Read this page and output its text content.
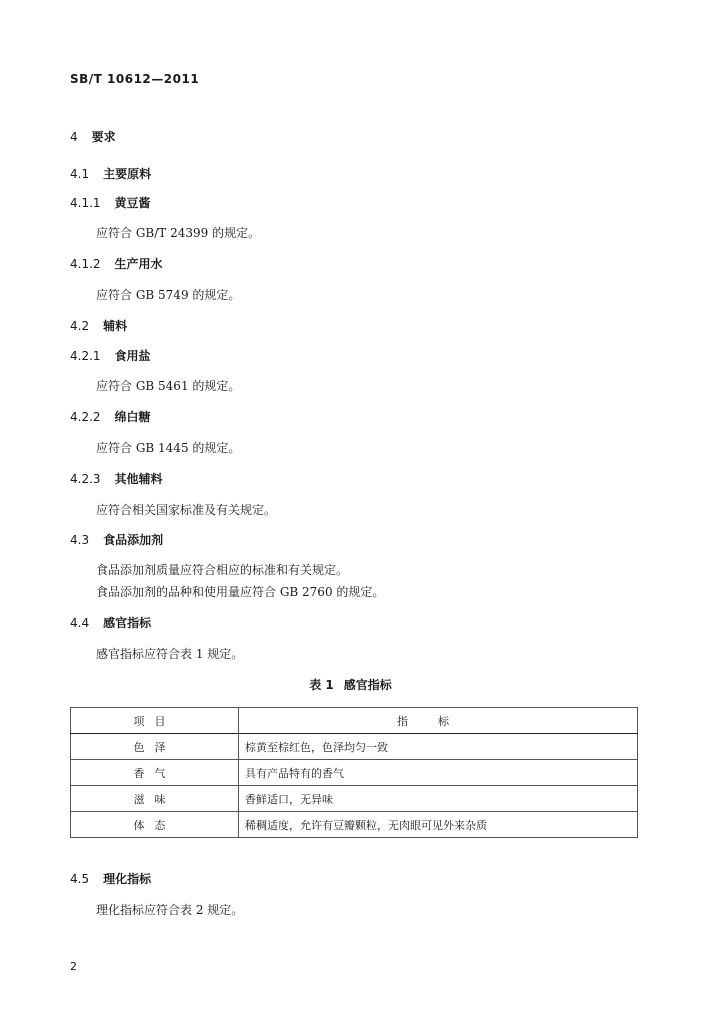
SB/T 10612—2011
4 要求
4.1 主要原料
4.1.1 黄豆酱
应符合 GB/T 24399 的规定。
4.1.2 生产用水
应符合 GB 5749 的规定。
4.2 辅料
4.2.1 食用盐
应符合 GB 5461 的规定。
4.2.2 绵白糖
应符合 GB 1445 的规定。
4.2.3 其他辅料
应符合相关国家标准及有关规定。
4.3 食品添加剂
食品添加剂质量应符合相应的标准和有关规定。
食品添加剂的品种和使用量应符合 GB 2760 的规定。
4.4 感官指标
感官指标应符合表 1 规定。
表 1 感官指标
项目	指标
色泽	棕黄至棕红色，色泽均匀一致
香气	具有产品特有的香气
滋味	香鲜适口，无异味
体态	稀稠适度，允许有豆瓣颗粒，无肉眼可见外来杂质
4.5 理化指标
理化指标应符合表 2 规定。
2
